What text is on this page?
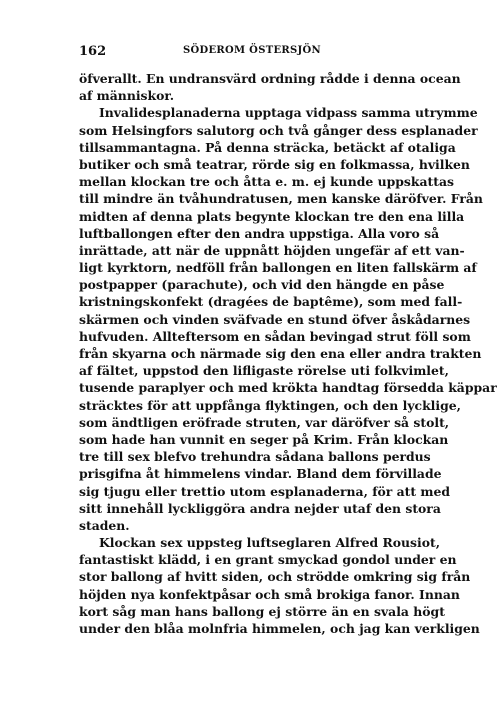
162	SÖDEROM ÖSTERSJÖN
öfverallt. En undransvärd ordning rådde i denna ocean
af människor.
Invalidesplanaderna upptaga vidpass samma utrymme
som Helsingfors salutorg och två gånger dess esplanader
tillsammantagna. På denna sträcka, betäckt af otaliga
butiker och små teatrar, rörde sig en folkmassa, hvilken
mellan klockan tre och åtta e. m. ej kunde uppskattas
till mindre än tvåhundratusen, men kanske däröfver. Från
midten af denna plats begynte klockan tre den ena lilla
luftballongen efter den andra uppstiga. Alla voro så
inrättade, att när de uppnått höjden ungefär af ett van-
ligt kyrktorn, nedföll från ballongen en liten fallskärm af
postpapper (parachute), och vid den hängde en påse
kristningskonfekt (dragées de baptême), som med fall-
skärmen och vinden sväfvade en stund öfver åskådarnes
hufvuden. Allteftersom en sådan bevingad strut föll som
från skyarna och närmade sig den ena eller andra trakten
af fältet, uppstod den lifligaste rörelse uti folkvimlet,
tusende paraplyer och med krökta handtag försedda käppar
sträcktes för att uppfånga flyktingen, och den lycklige,
som ändtligen eröfrade struten, var däröfver så stolt,
som hade han vunnit en seger på Krim. Från klockan
tre till sex blefvo trehundra sådana ballons perdus
prisgifna åt himmelens vindar. Bland dem förvillade
sig tjugu eller trettio utom esplanaderna, för att med
sitt innehåll lyckliggöra andra nejder utaf den stora
staden.
Klockan sex uppsteg luftseglaren Alfred Rousiot,
fantastiskt klädd, i en grant smyckad gondol under en
stor ballong af hvitt siden, och strödde omkring sig från
höjden nya konfektpåsar och små brokiga fanor. Innan
kort såg man hans ballong ej större än en svala högt
under den blåa molnfria himmelen, och jag kan verkligen
